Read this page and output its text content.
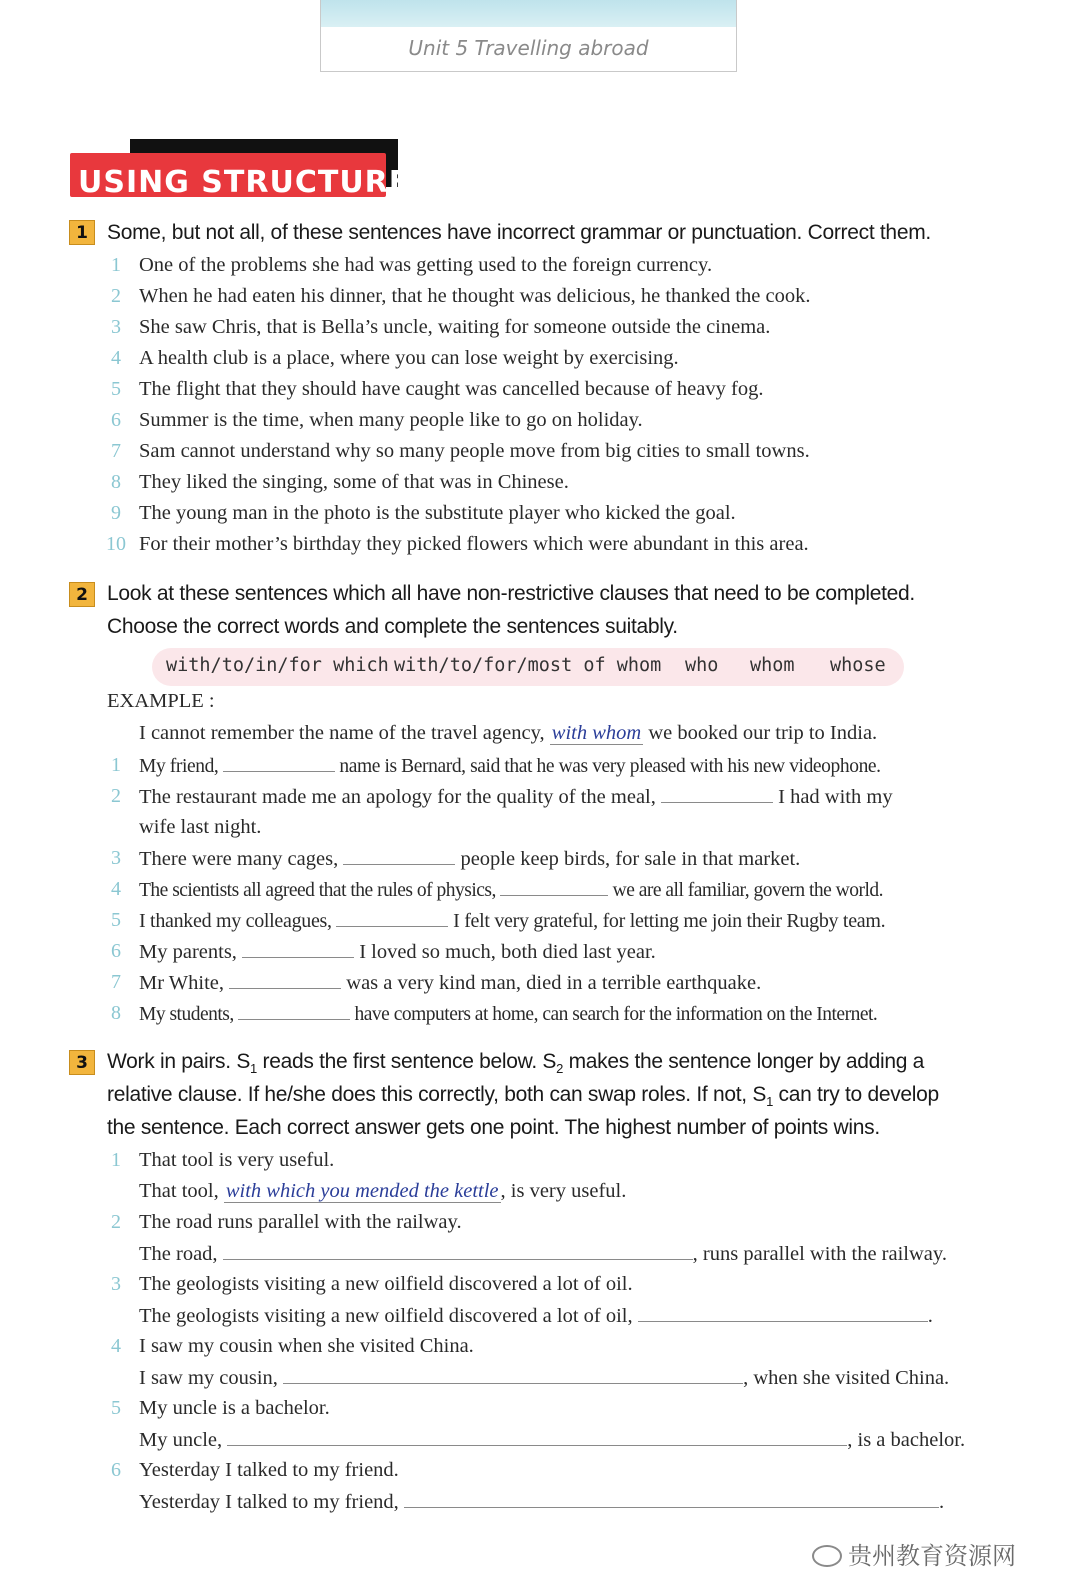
Unit 5 Travelling abroad
USING STRUCTURES
1 Some, but not all, of these sentences have incorrect grammar or punctuation. Correct them.
1 One of the problems she had was getting used to the foreign currency.
2 When he had eaten his dinner, that he thought was delicious, he thanked the cook.
3 She saw Chris, that is Bella’s uncle, waiting for someone outside the cinema.
4 A health club is a place, where you can lose weight by exercising.
5 The flight that they should have caught was cancelled because of heavy fog.
6 Summer is the time, when many people like to go on holiday.
7 Sam cannot understand why so many people move from big cities to small towns.
8 They liked the singing, some of that was in Chinese.
9 The young man in the photo is the substitute player who kicked the goal.
10 For their mother’s birthday they picked flowers which were abundant in this area.
2 Look at these sentences which all have non-restrictive clauses that need to be completed.
Choose the correct words and complete the sentences suitably.
with/to/in/for which with/to/for/most of whom who whom whose
EXAMPLE :
I cannot remember the name of the travel agency, with whom we booked our trip to India.
1 My friend,	name is Bernard, said that he was very pleased with his new videophone.
2 The restaurant made me an apology for the quality of the meal,	I had with my
wife last night.
3 There were many cages,	people keep birds, for sale in that market.
4 The scientists all agreed that the rules of physics,	we are all familiar, govern the world.
5 I thanked my colleagues,	I felt very grateful, for letting me join their Rugby team.
6 My parents,	I loved so much, both died last year.
7 Mr White,	was a very kind man, died in a terrible earthquake.
8 My students,	have computers at home, can search for the information on the Internet.
3 Work in pairs. $S_1$ reads the first sentence below. $S_2$ makes the sentence longer by adding a
relative clause. If he/she does this correctly, both can swap roles. If not, $S_1$ can try to develop
the sentence. Each correct answer gets one point. The highest number of points wins.
1 That tool is very useful.
That tool, with which you mended the kettle, is very useful.
2 The road runs parallel with the railway.
The road,	, runs parallel with the railway.
3 The geologists visiting a new oilfield discovered a lot of oil.
The geologists visiting a new oilfield discovered a lot of oil,	.
4 I saw my cousin when she visited China.
I saw my cousin,	, when she visited China.
5 My uncle is a bachelor.
My uncle,	, is a bachelor.
6 Yesterday I talked to my friend.
Yesterday I talked to my friend,	.
贵州教育资源网
